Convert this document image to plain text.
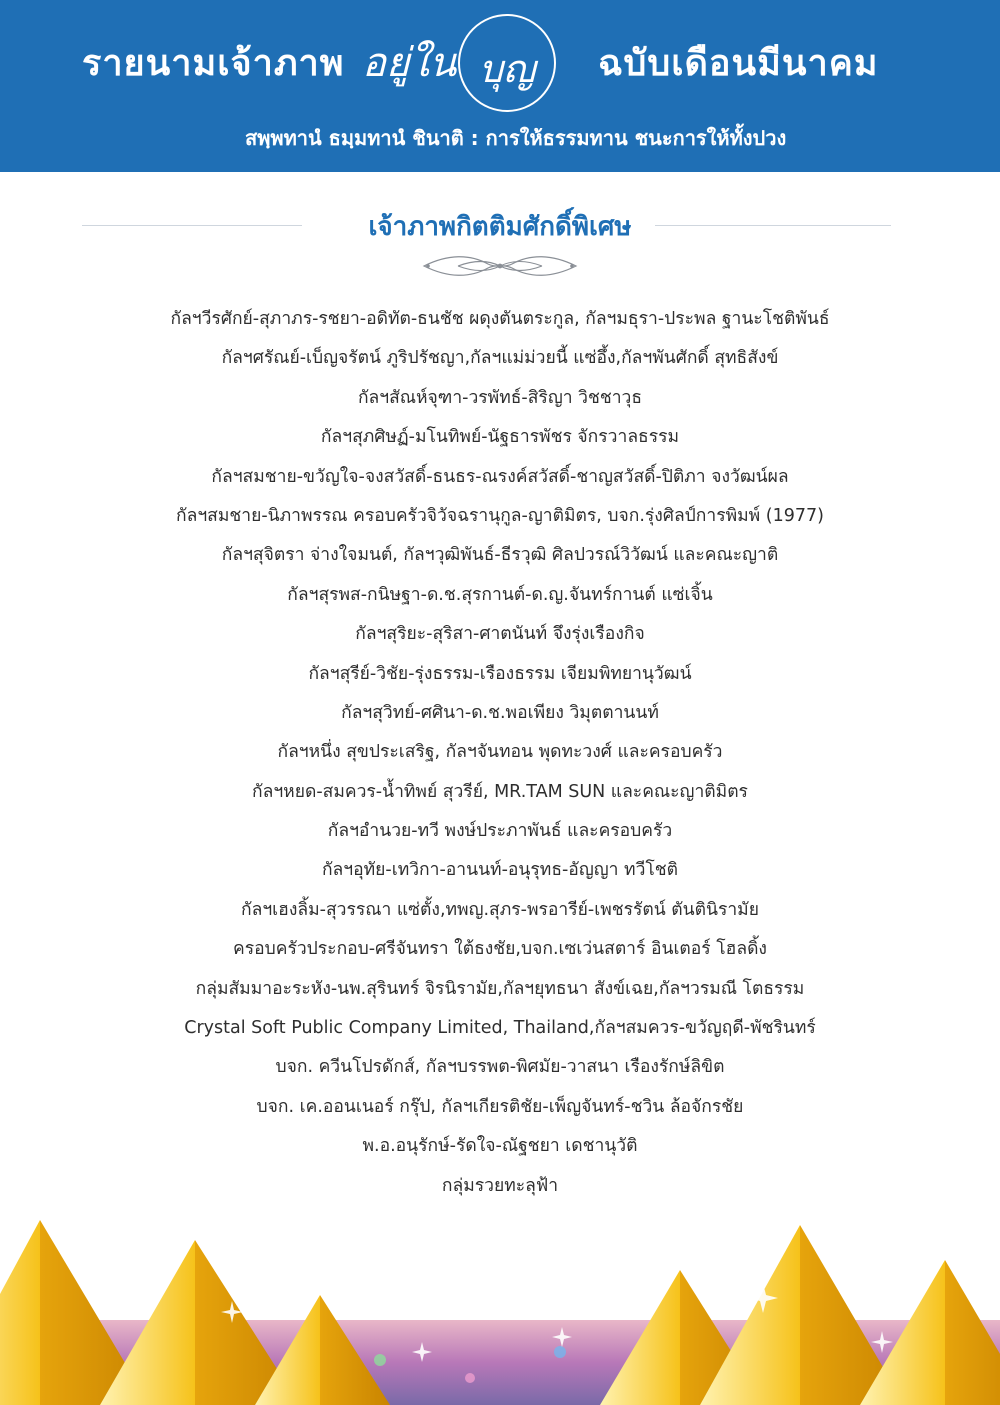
รายนามเจ้าภาพ อยู่ใน บุญ	ฉบับเดือนมีนาคม
สพฺพทานํ ธมฺมทานํ ชินาติ : การให้ธรรมทาน ชนะการให้ทั้งปวง
เจ้าภาพกิตติมศักดิ์พิเศษ
กัลฯวีรศักย์-สุภาภร-รชยา-อดิทัต-ธนชัช ผดุงตันตระกูล, กัลฯมธุรา-ประพล ฐานะโชติพันธ์
กัลฯศรัณย์-เบ็ญจรัตน์ ภูริปรัชญา,กัลฯแม่ม่วยนี้ แซ่อึ้ง,กัลฯพันศักดิ์ สุทธิสังข์
กัลฯสัณห์จุฑา-วรพัทธ์-สิริญา วิชชาวุธ
กัลฯสุภศิษฏ์-มโนทิพย์-นัฐธารพัชร จักรวาลธรรม
กัลฯสมชาย-ขวัญใจ-จงสวัสดิ์-ธนธร-ณรงค์สวัสดิ์-ชาญสวัสดิ์-ปิติภา จงวัฒน์ผล
กัลฯสมชาย-นิภาพรรณ ครอบครัวจิวัจฉรานุกูล-ญาติมิตร, บจก.รุ่งศิลป์การพิมพ์ (1977)
กัลฯสุจิตรา จ่างใจมนต์, กัลฯวุฒิพันธ์-ธีรวุฒิ ศิลปวรณ์วิวัฒน์ และคณะญาติ
กัลฯสุรพส-กนิษฐา-ด.ช.สุรกานต์-ด.ญ.จันทร์กานต์ แซ่เจิ้น
กัลฯสุริยะ-สุริสา-ศาตนันท์ จึงรุ่งเรืองกิจ
กัลฯสุรีย์-วิชัย-รุ่งธรรม-เรืองธรรม เจียมพิทยานุวัฒน์
กัลฯสุวิทย์-ศศินา-ด.ช.พอเพียง วิมุตตานนท์
กัลฯหนึ่ง สุขประเสริฐ, กัลฯจันทอน พุดทะวงศ์ และครอบครัว
กัลฯหยด-สมควร-น้ำทิพย์ สุวรีย์, MR.TAM SUN และคณะญาติมิตร
กัลฯอำนวย-ทวี พงษ์ประภาพันธ์ และครอบครัว
กัลฯอุทัย-เทวิกา-อานนท์-อนุรุทธ-อัญญา ทวีโชติ
กัลฯเฮงลิ้ม-สุวรรณา แซ่ตั้ง,ทพญ.สุภร-พรอารีย์-เพชรรัตน์ ตันตินิรามัย
ครอบครัวประกอบ-ศรีจันทรา ใต้ธงชัย,บจก.เซเว่นสตาร์ อินเตอร์ โฮลดิ้ง
กลุ่มสัมมาอะระหัง-นพ.สุรินทร์ จิรนิรามัย,กัลฯยุทธนา สังข์เฉย,กัลฯวรมณี โตธรรม
Crystal Soft Public Company Limited, Thailand,กัลฯสมควร-ขวัญฤดี-พัชรินทร์
บจก. ควีนโปรดักส์, กัลฯบรรพต-พิศมัย-วาสนา เรืองรักษ์ลิขิต
บจก. เค.ออนเนอร์ กรุ๊ป, กัลฯเกียรติชัย-เพ็ญจันทร์-ชวิน ล้อจักรชัย
พ.อ.อนุรักษ์-รัดใจ-ณัฐชยา เดชานุวัติ
กลุ่มรวยทะลุฟ้า
